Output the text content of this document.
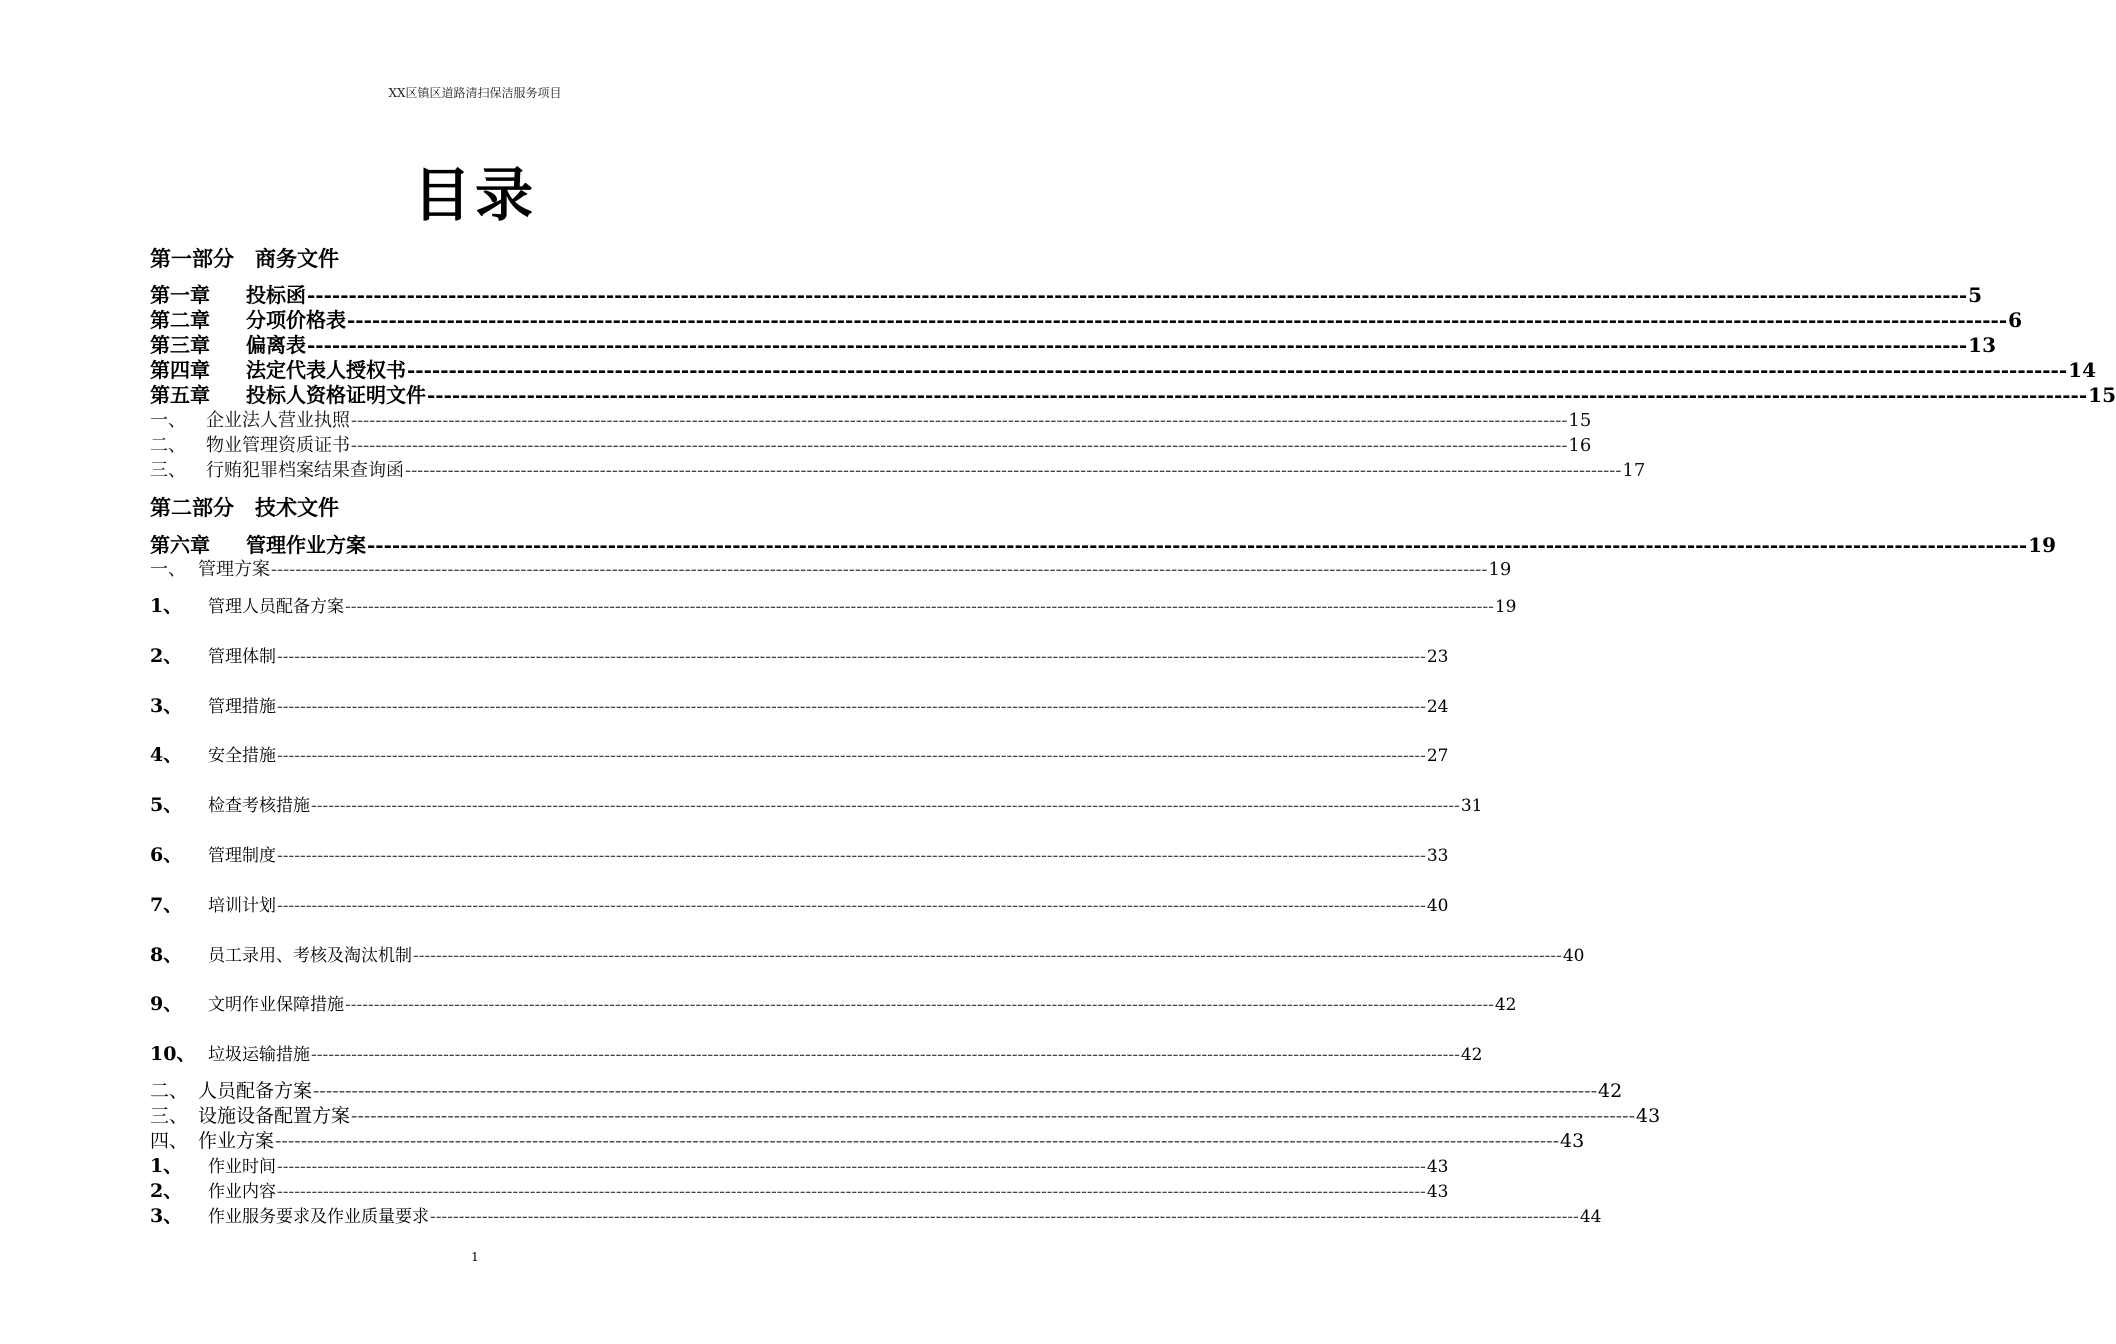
XX区镇区道路清扫保洁服务项目
目录
第一部分　商务文件
第一章	投标函 -------------------------------------------------------------------------------------------------------------------------------------------------------------------------------------------------------- 5
第二章	分项价格表 -------------------------------------------------------------------------------------------------------------------------------------------------------------------------------------------------------- 6
第三章	偏离表 -------------------------------------------------------------------------------------------------------------------------------------------------------------------------------------------------------- 13
第四章	法定代表人授权书 -------------------------------------------------------------------------------------------------------------------------------------------------------------------------------------------------------- 14
第五章	投标人资格证明文件 -------------------------------------------------------------------------------------------------------------------------------------------------------------------------------------------------------- 15
一、	企业法人营业执照 -------------------------------------------------------------------------------------------------------------------------------------------------------------------------------------------------------- 15
二、	物业管理资质证书 -------------------------------------------------------------------------------------------------------------------------------------------------------------------------------------------------------- 16
三、	行贿犯罪档案结果查询函 -------------------------------------------------------------------------------------------------------------------------------------------------------------------------------------------------------- 17
第二部分　技术文件
第六章	管理作业方案 -------------------------------------------------------------------------------------------------------------------------------------------------------------------------------------------------------- 19
一、 管理方案 -------------------------------------------------------------------------------------------------------------------------------------------------------------------------------------------------------- 19
1、	管理人员配备方案 -------------------------------------------------------------------------------------------------------------------------------------------------------------------------------------------------------- 19
2、	管理体制 -------------------------------------------------------------------------------------------------------------------------------------------------------------------------------------------------------- 23
3、	管理措施 -------------------------------------------------------------------------------------------------------------------------------------------------------------------------------------------------------- 24
4、	安全措施 -------------------------------------------------------------------------------------------------------------------------------------------------------------------------------------------------------- 27
5、	检查考核措施 -------------------------------------------------------------------------------------------------------------------------------------------------------------------------------------------------------- 31
6、	管理制度 -------------------------------------------------------------------------------------------------------------------------------------------------------------------------------------------------------- 33
7、	培训计划 -------------------------------------------------------------------------------------------------------------------------------------------------------------------------------------------------------- 40
8、	员工录用、考核及淘汰机制 -------------------------------------------------------------------------------------------------------------------------------------------------------------------------------------------------------- 40
9、	文明作业保障措施 -------------------------------------------------------------------------------------------------------------------------------------------------------------------------------------------------------- 42
10、 垃圾运输措施 -------------------------------------------------------------------------------------------------------------------------------------------------------------------------------------------------------- 42
二、 人员配备方案 -------------------------------------------------------------------------------------------------------------------------------------------------------------------------------------------------------- 42
三、 设施设备配置方案 -------------------------------------------------------------------------------------------------------------------------------------------------------------------------------------------------------- 43
四、 作业方案 -------------------------------------------------------------------------------------------------------------------------------------------------------------------------------------------------------- 43
1、	作业时间 -------------------------------------------------------------------------------------------------------------------------------------------------------------------------------------------------------- 43
2、	作业内容 -------------------------------------------------------------------------------------------------------------------------------------------------------------------------------------------------------- 43
3、	作业服务要求及作业质量要求 -------------------------------------------------------------------------------------------------------------------------------------------------------------------------------------------------------- 44
1
